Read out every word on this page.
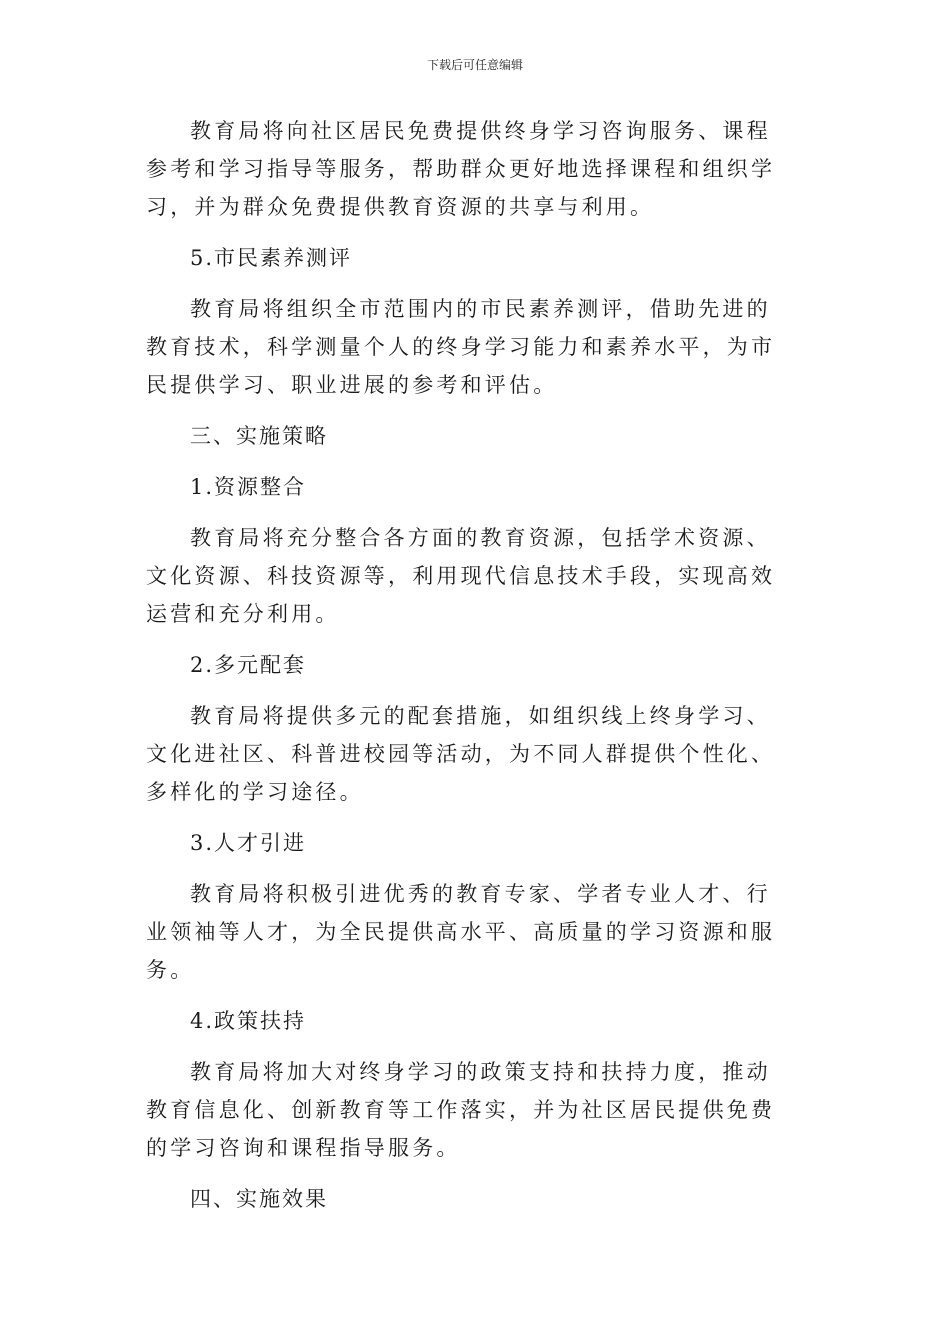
下载后可任意编辑

教育局将向社区居民免费提供终身学习咨询服务、课程参考和学习指导等服务，帮助群众更好地选择课程和组织学习，并为群众免费提供教育资源的共享与利用。

5.市民素养测评

教育局将组织全市范围内的市民素养测评，借助先进的教育技术，科学测量个人的终身学习能力和素养水平，为市民提供学习、职业进展的参考和评估。

三、实施策略

1.资源整合

教育局将充分整合各方面的教育资源，包括学术资源、文化资源、科技资源等，利用现代信息技术手段，实现高效运营和充分利用。

2.多元配套

教育局将提供多元的配套措施，如组织线上终身学习、文化进社区、科普进校园等活动，为不同人群提供个性化、多样化的学习途径。

3.人才引进

教育局将积极引进优秀的教育专家、学者专业人才、行业领袖等人才，为全民提供高水平、高质量的学习资源和服务。

4.政策扶持

教育局将加大对终身学习的政策支持和扶持力度，推动教育信息化、创新教育等工作落实，并为社区居民提供免费的学习咨询和课程指导服务。

四、实施效果
